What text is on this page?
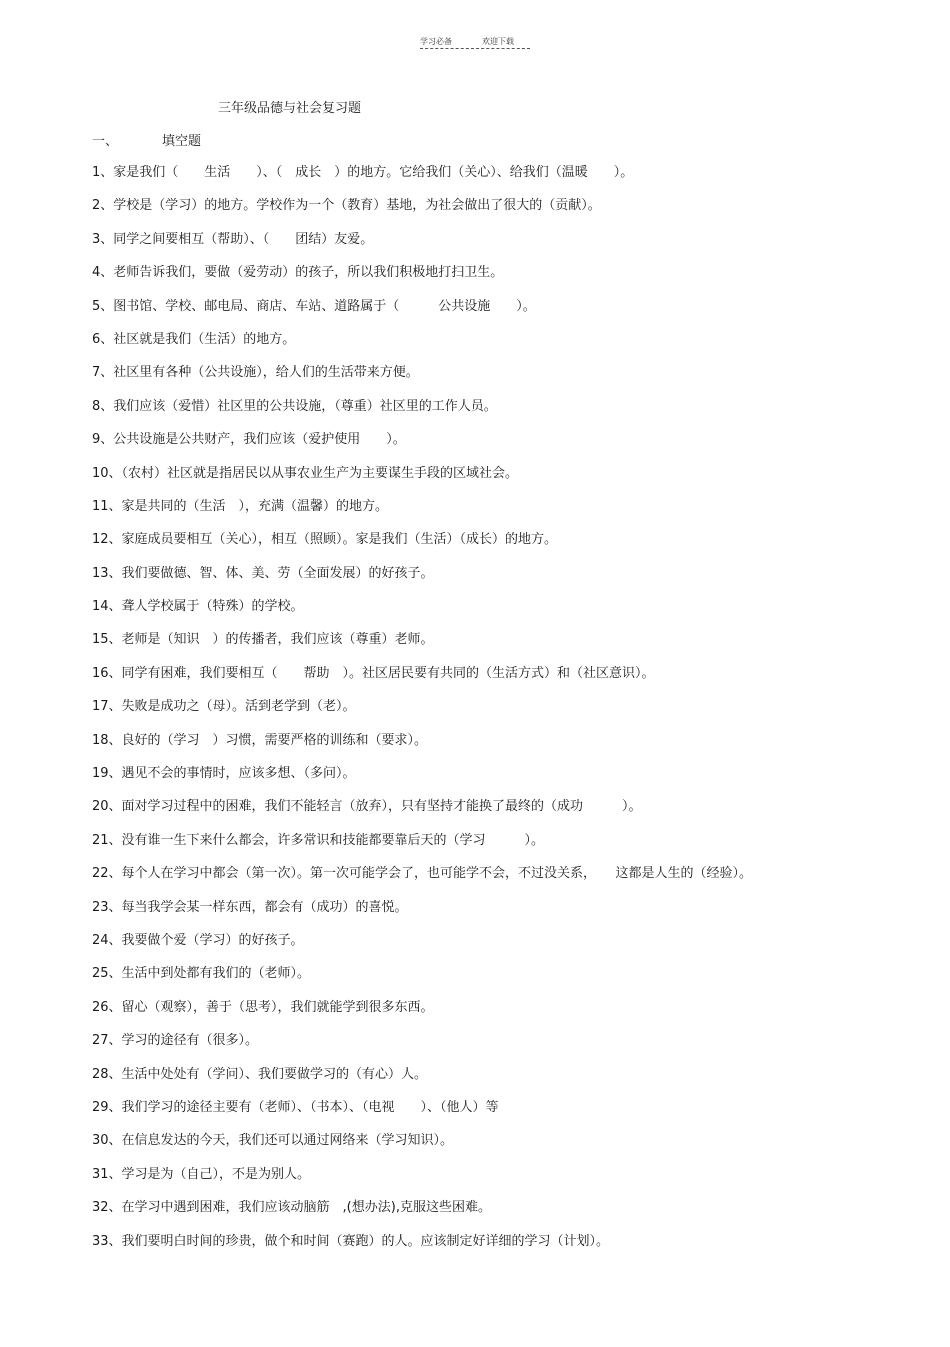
学习必备	欢迎下载
三年级品德与社会复习题
一、	填空题
1、家是我们（　　生活　　）、（　成长　）的地方。它给我们（关心）、给我们（温暖　　）。
2、学校是（学习）的地方。学校作为一个（教育）基地，为社会做出了很大的（贡献）。
3、同学之间要相互（帮助）、（　　团结）友爱。
4、老师告诉我们，要做（爱劳动）的孩子，所以我们积极地打扫卫生。
5、图书馆、学校、邮电局、商店、车站、道路属于（　　　公共设施　　）。
6、社区就是我们（生活）的地方。
7、社区里有各种（公共设施），给人们的生活带来方便。
8、我们应该（爱惜）社区里的公共设施，（尊重）社区里的工作人员。
9、公共设施是公共财产，我们应该（爱护使用　　）。
10、（农村）社区就是指居民以从事农业生产为主要谋生手段的区域社会。
11、家是共同的（生活　），充满（温馨）的地方。
12、家庭成员要相互（关心），相互（照顾）。家是我们（生活）（成长）的地方。
13、我们要做德、智、体、美、劳（全面发展）的好孩子。
14、聋人学校属于（特殊）的学校。
15、老师是（知识　）的传播者，我们应该（尊重）老师。
16、同学有困难，我们要相互（　　帮助　）。社区居民要有共同的（生活方式）和（社区意识）。
17、失败是成功之（母）。活到老学到（老）。
18、良好的（学习　）习惯，需要严格的训练和（要求）。
19、遇见不会的事情时，应该多想、（多问）。
20、面对学习过程中的困难，我们不能轻言（放弃），只有坚持才能换了最终的（成功　　　）。
21、没有谁一生下来什么都会，许多常识和技能都要靠后天的（学习　　　）。
22、每个人在学习中都会（第一次）。第一次可能学会了，也可能学不会，不过没关系，　　这都是人生的（经验）。
23、每当我学会某一样东西，都会有（成功）的喜悦。
24、我要做个爱（学习）的好孩子。
25、生活中到处都有我们的（老师）。
26、留心（观察），善于（思考），我们就能学到很多东西。
27、学习的途径有（很多）。
28、生活中处处有（学问）、我们要做学习的（有心）人。
29、我们学习的途径主要有（老师）、（书本）、（电视　　）、（他人）等
30、在信息发达的今天，我们还可以通过网络来（学习知识）。
31、学习是为（自己），不是为别人。
32、在学习中遇到困难，我们应该动脑筋　,(想办法),克服这些困难。
33、我们要明白时间的珍贵，做个和时间（赛跑）的人。应该制定好详细的学习（计划）。
